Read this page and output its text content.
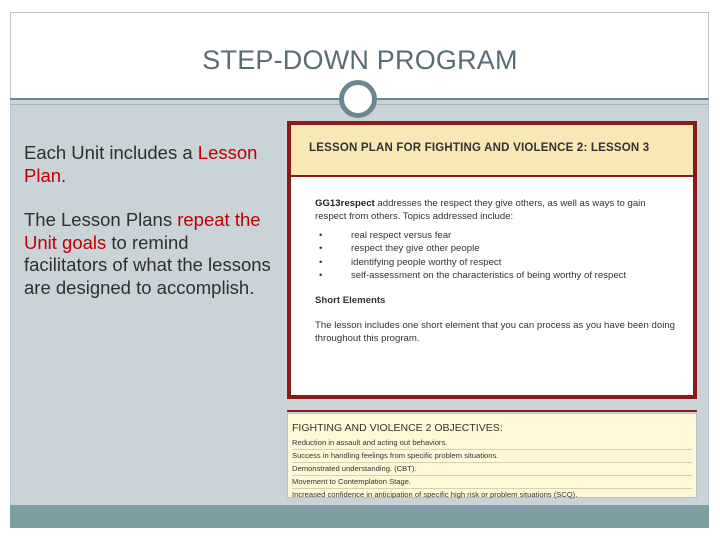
STEP-DOWN PROGRAM

Each Unit includes a Lesson Plan.

The Lesson Plans repeat the Unit goals to remind facilitators of what the lessons are designed to accomplish.

LESSON PLAN FOR FIGHTING AND VIOLENCE 2: LESSON 3
GG13respect addresses the respect they give others, as well as ways to gain respect from others. Topics addressed include:
•	real respect versus fear
•	respect they give other people
•	identifying people worthy of respect
•	self-assessment on the characteristics of being worthy of respect
Short Elements
The lesson includes one short element that you can process as you have been doing throughout this program.
FIGHTING AND VIOLENCE 2 OBJECTIVES:
Reduction in assault and acting out behaviors.
Success in handling feelings from specific problem situations.
Demonstrated understanding. (CBT).
Movement to Contemplation Stage.
Increased confidence in anticipation of specific high risk or problem situations (SCQ).
